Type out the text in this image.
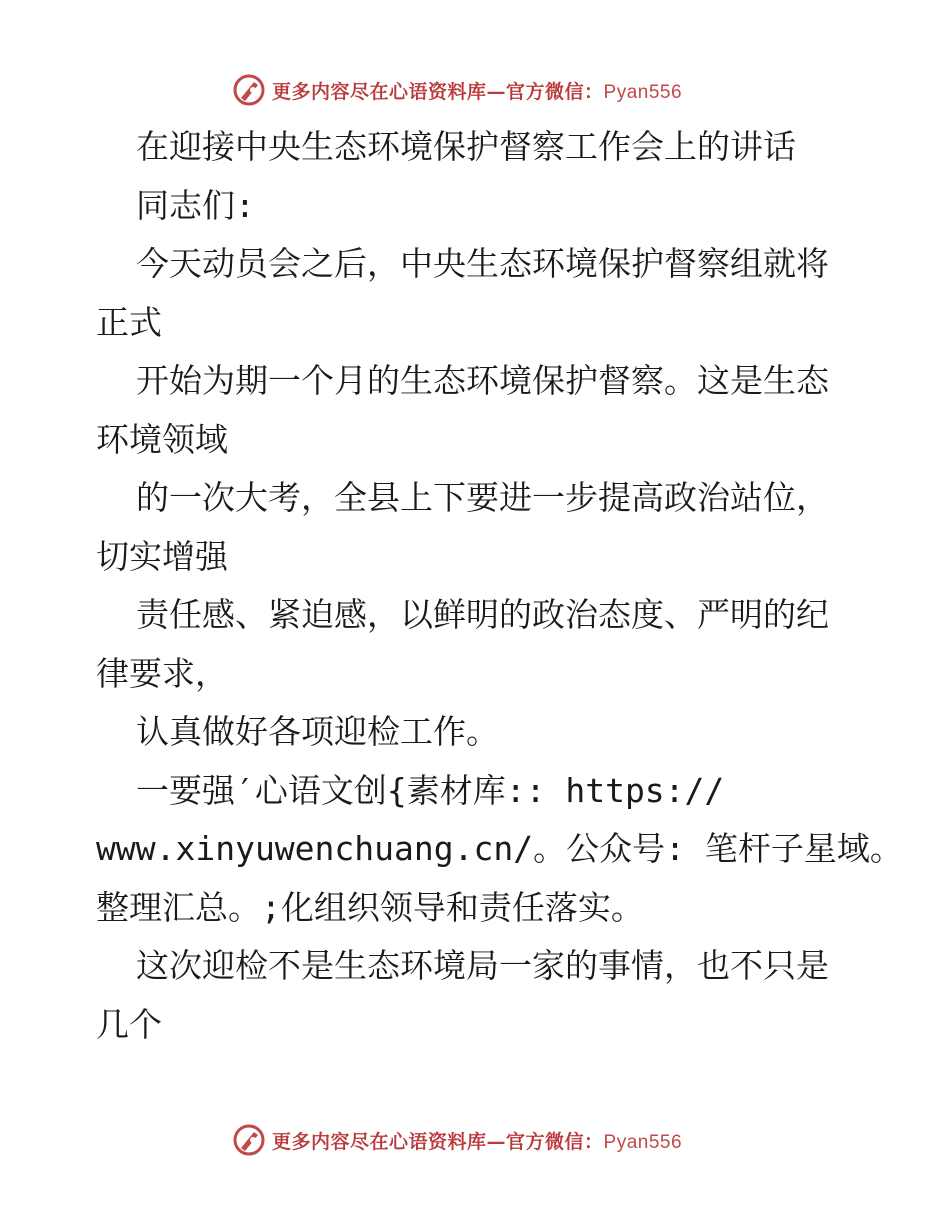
更多内容尽在心语资料库—官方微信：Pyan556
在迎接中央生态环境保护督察工作会上的讲话
同志们:
今天动员会之后，中央生态环境保护督察组就将
正式
开始为期一个月的生态环境保护督察。这是生态
环境领域
的一次大考，全县上下要进一步提高政治站位，
切实增强
责任感、紧迫感，以鲜明的政治态度、严明的纪
律要求，
认真做好各项迎检工作。
一要强′心语文创{素材库:: https://
www.xinyuwenchuang.cn/。公众号: 笔杆子星域。
整理汇总。;化组织领导和责任落实。
这次迎检不是生态环境局一家的事情，也不只是
几个
更多内容尽在心语资料库—官方微信：Pyan556
